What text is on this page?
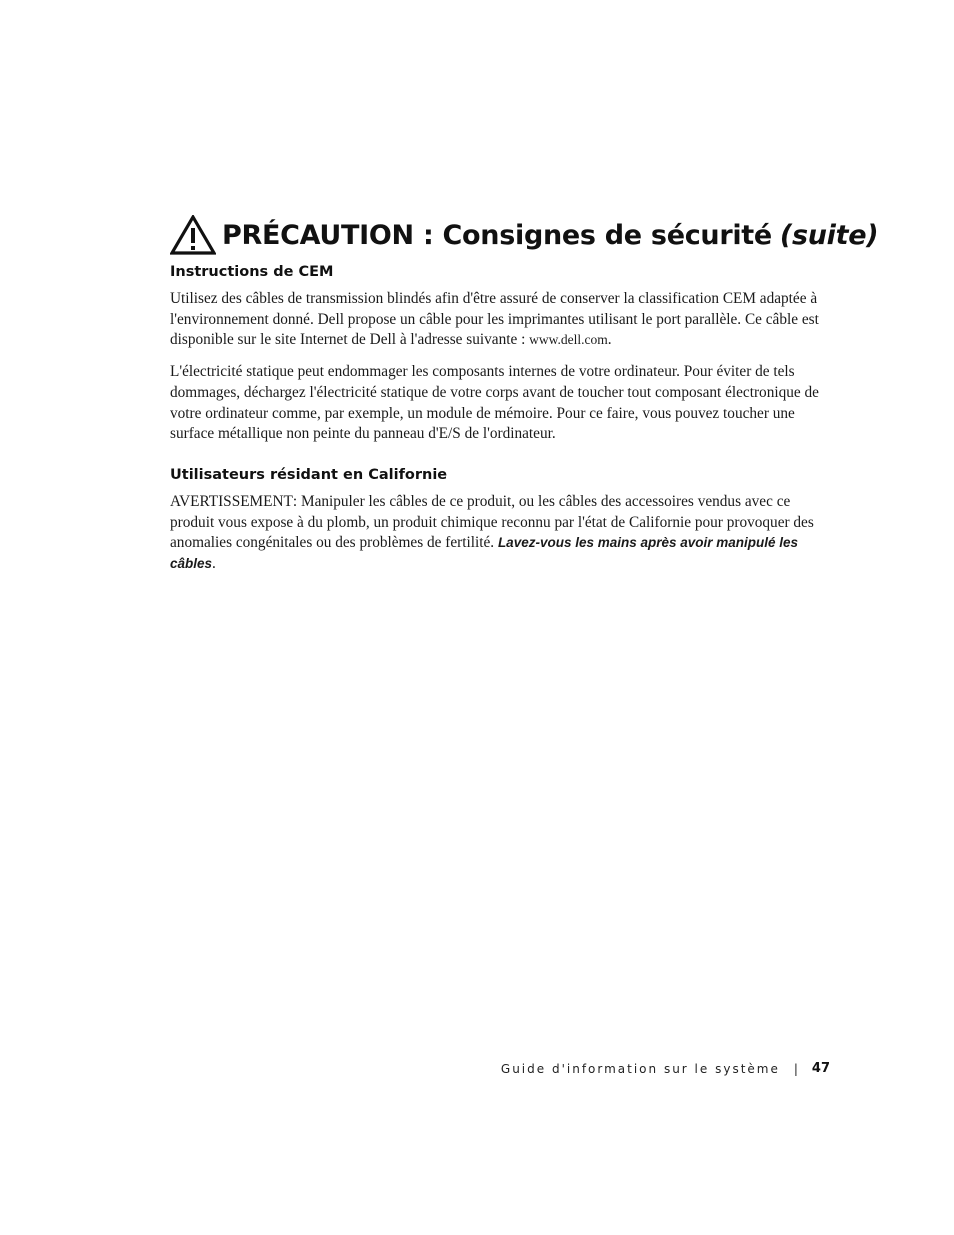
PRÉCAUTION : Consignes de sécurité (suite)
Instructions de CEM

Utilisez des câbles de transmission blindés afin d'être assuré de conserver la classification CEM adaptée à l'environnement donné. Dell propose un câble pour les imprimantes utilisant le port parallèle. Ce câble est disponible sur le site Internet de Dell à l'adresse suivante : www.dell.com.

L'électricité statique peut endommager les composants internes de votre ordinateur. Pour éviter de tels dommages, déchargez l'électricité statique de votre corps avant de toucher tout composant électronique de votre ordinateur comme, par exemple, un module de mémoire. Pour ce faire, vous pouvez toucher une surface métallique non peinte du panneau d'E/S de l'ordinateur.

Utilisateurs résidant en Californie

AVERTISSEMENT: Manipuler les câbles de ce produit, ou les câbles des accessoires vendus avec ce produit vous expose à du plomb, un produit chimique reconnu par l'état de Californie pour provoquer des anomalies congénitales ou des problèmes de fertilité. Lavez-vous les mains après avoir manipulé les câbles.

Guide d'information sur le système | 47
